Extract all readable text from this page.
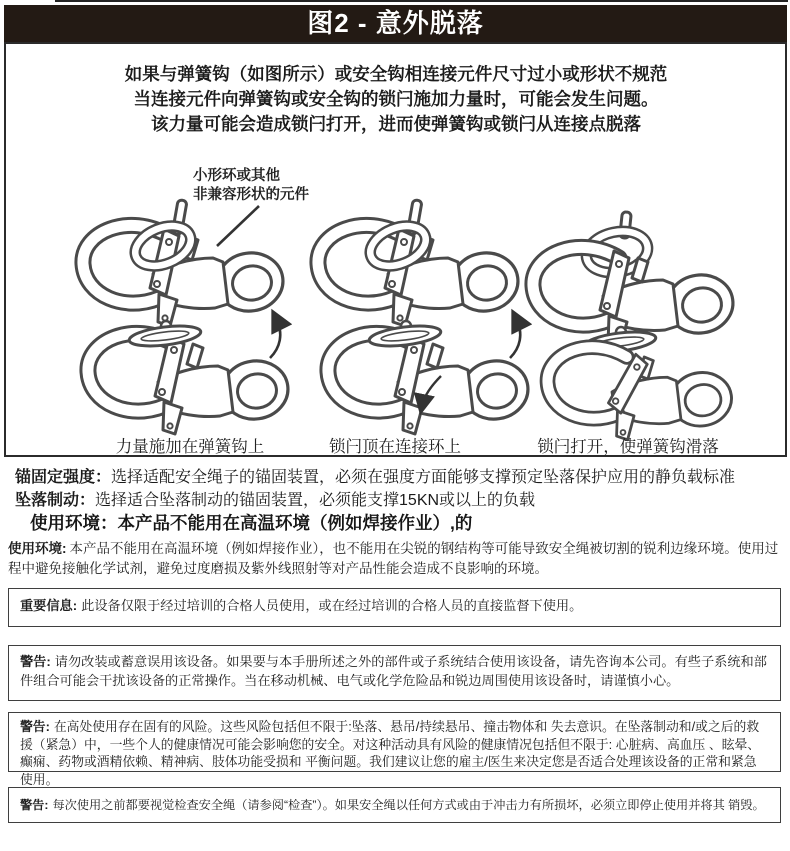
图2 - 意外脱落
如果与弹簧钩（如图所示）或安全钩相连接元件尺寸过小或形状不规范
当连接元件向弹簧钩或安全钩的锁闩施加力量时，可能会发生问题。
该力量可能会造成锁闩打开，进而使弹簧钩或锁闩从连接点脱落
小形环或其他
非兼容形状的元件
力量施加在弹簧钩上	锁闩顶在连接环上	锁闩打开，使弹簧钩滑落
锚固定强度：选择适配安全绳子的锚固装置，必须在强度方面能够支撑预定坠落保护应用的静负载标准
坠落制动：选择适合坠落制动的锚固装置，必须能支撑15KN或以上的负载
使用环境：本产品不能用在高温环境（例如焊接作业）,的
使用环境: 本产品不能用在高温环境（例如焊接作业），也不能用在尖锐的钢结构等可能导致安全绳被切割的锐利边缘环境。使用过程中避免接触化学试剂，避免过度磨损及紫外线照射等对产品性能会造成不良影响的环境。
重要信息: 此设备仅限于经过培训的合格人员使用，或在经过培训的合格人员的直接监督下使用。
警告: 请勿改装或蓄意误用该设备。如果要与本手册所述之外的部件或子系统结合使用该设备，请先咨询本公司。有些子系统和部件组合可能会干扰该设备的正常操作。当在移动机械、电气或化学危险品和锐边周围使用该设备时，请谨慎小心。
警告: 在高处使用存在固有的风险。这些风险包括但不限于:坠落、悬吊/持续悬吊、撞击物体和 失去意识。在坠落制动和/或之后的救援（紧急）中，一些个人的健康情况可能会影响您的安全。对这种活动具有风险的健康情况包括但不限于: 心脏病、高血压 、眩晕、癫痫、药物或酒精依赖、精神病、肢体功能受损和 平衡问题。我们建议让您的雇主/医生来决定您是否适合处理该设备的正常和紧急使用。
警告: 每次使用之前都要视觉检查安全绳（请参阅“检查”）。如果安全绳以任何方式或由于冲击力有所损坏，必须立即停止使用并将其 销毁。
